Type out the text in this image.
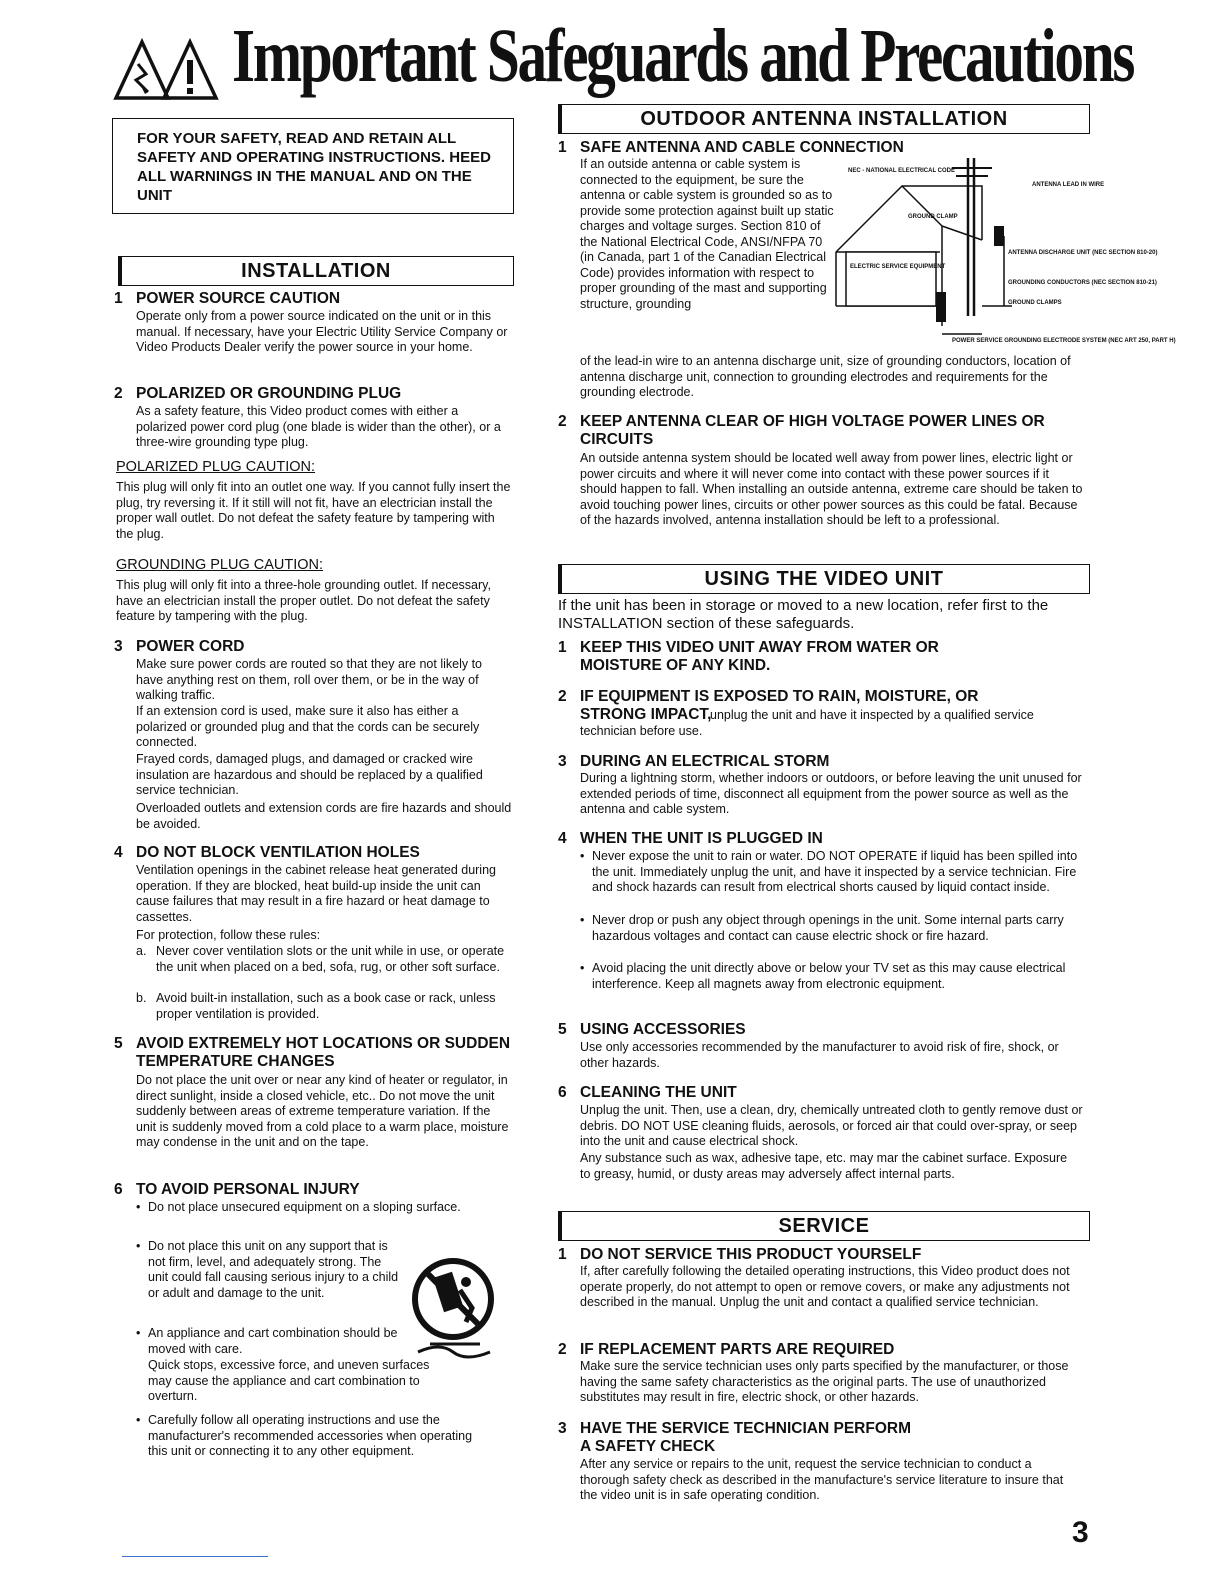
Important Safeguards and Precautions
FOR YOUR SAFETY, READ AND RETAIN ALL SAFETY AND OPERATING INSTRUCTIONS. HEED ALL WARNINGS IN THE MANUAL AND ON THE UNIT
INSTALLATION
1 POWER SOURCE CAUTION
Operate only from a power source indicated on the unit or in this manual. If necessary, have your Electric Utility Service Company or Video Products Dealer verify the power source in your home.
2 POLARIZED OR GROUNDING PLUG
As a safety feature, this Video product comes with either a polarized power cord plug (one blade is wider than the other), or a three-wire grounding type plug.
POLARIZED PLUG CAUTION:
This plug will only fit into an outlet one way. If you cannot fully insert the plug, try reversing it. If it still will not fit, have an electrician install the proper wall outlet. Do not defeat the safety feature by tampering with the plug.
GROUNDING PLUG CAUTION:
This plug will only fit into a three-hole grounding outlet. If necessary, have an electrician install the proper outlet. Do not defeat the safety feature by tampering with the plug.
3 POWER CORD
Make sure power cords are routed so that they are not likely to have anything rest on them, roll over them, or be in the way of walking traffic.
If an extension cord is used, make sure it also has either a polarized or grounded plug and that the cords can be securely connected.
Frayed cords, damaged plugs, and damaged or cracked wire insulation are hazardous and should be replaced by a qualified service technician.
Overloaded outlets and extension cords are fire hazards and should be avoided.
4 DO NOT BLOCK VENTILATION HOLES
Ventilation openings in the cabinet release heat generated during operation. If they are blocked, heat build-up inside the unit can cause failures that may result in a fire hazard or heat damage to cassettes.
For protection, follow these rules:
a. Never cover ventilation slots or the unit while in use, or operate the unit when placed on a bed, sofa, rug, or other soft surface.
b. Avoid built-in installation, such as a book case or rack, unless proper ventilation is provided.
5 AVOID EXTREMELY HOT LOCATIONS OR SUDDEN TEMPERATURE CHANGES
Do not place the unit over or near any kind of heater or regulator, in direct sunlight, inside a closed vehicle, etc.. Do not move the unit suddenly between areas of extreme temperature variation. If the unit is suddenly moved from a cold place to a warm place, moisture may condense in the unit and on the tape.
6 TO AVOID PERSONAL INJURY
• Do not place unsecured equipment on a sloping surface.
• Do not place this unit on any support that is not firm, level, and adequately strong. The unit could fall causing serious injury to a child or adult and damage to the unit.
• An appliance and cart combination should be moved with care.
Quick stops, excessive force, and uneven surfaces may cause the appliance and cart combination to overturn.
• Carefully follow all operating instructions and use the manufacturer's recommended accessories when operating this unit or connecting it to any other equipment.
OUTDOOR ANTENNA INSTALLATION
1 SAFE ANTENNA AND CABLE CONNECTION
If an outside antenna or cable system is connected to the equipment, be sure the antenna or cable system is grounded so as to provide some protection against built up static charges and voltage surges. Section 810 of the National Electrical Code, ANSI/NFPA 70 (in Canada, part 1 of the Canadian Electrical Code) provides information with respect to proper grounding of the mast and supporting structure, grounding
of the lead-in wire to an antenna discharge unit, size of grounding conductors, location of antenna discharge unit, connection to grounding electrodes and requirements for the grounding electrode.
NEC - NATIONAL ELECTRICAL CODE
ANTENNA LEAD IN WIRE
GROUND CLAMP
ANTENNA DISCHARGE UNIT (NEC SECTION 810-20)
ELECTRIC SERVICE EQUIPMENT
GROUNDING CONDUCTORS (NEC SECTION 810-21)
GROUND CLAMPS
POWER SERVICE GROUNDING ELECTRODE SYSTEM (NEC ART 250, PART H)
2 KEEP ANTENNA CLEAR OF HIGH VOLTAGE POWER LINES OR CIRCUITS
An outside antenna system should be located well away from power lines, electric light or power circuits and where it will never come into contact with these power sources if it should happen to fall. When installing an outside antenna, extreme care should be taken to avoid touching power lines, circuits or other power sources as this could be fatal. Because of the hazards involved, antenna installation should be left to a professional.
USING THE VIDEO UNIT
If the unit has been in storage or moved to a new location, refer first to the INSTALLATION section of these safeguards.
1 KEEP THIS VIDEO UNIT AWAY FROM WATER OR MOISTURE OF ANY KIND.
2 IF EQUIPMENT IS EXPOSED TO RAIN, MOISTURE, OR
STRONG IMPACT,
unplug the unit and have it inspected by a qualified service technician before use.
3 DURING AN ELECTRICAL STORM
During a lightning storm, whether indoors or outdoors, or before leaving the unit unused for extended periods of time, disconnect all equipment from the power source as well as the antenna and cable system.
4 WHEN THE UNIT IS PLUGGED IN
• Never expose the unit to rain or water. DO NOT OPERATE if liquid has been spilled into the unit. Immediately unplug the unit, and have it inspected by a service technician. Fire and shock hazards can result from electrical shorts caused by liquid contact inside.
• Never drop or push any object through openings in the unit. Some internal parts carry hazardous voltages and contact can cause electric shock or fire hazard.
• Avoid placing the unit directly above or below your TV set as this may cause electrical interference. Keep all magnets away from electronic equipment.
5 USING ACCESSORIES
Use only accessories recommended by the manufacturer to avoid risk of fire, shock, or other hazards.
6 CLEANING THE UNIT
Unplug the unit. Then, use a clean, dry, chemically untreated cloth to gently remove dust or debris. DO NOT USE cleaning fluids, aerosols, or forced air that could over-spray, or seep into the unit and cause electrical shock.
Any substance such as wax, adhesive tape, etc. may mar the cabinet surface. Exposure to greasy, humid, or dusty areas may adversely affect internal parts.
SERVICE
1 DO NOT SERVICE THIS PRODUCT YOURSELF
If, after carefully following the detailed operating instructions, this Video product does not operate properly, do not attempt to open or remove covers, or make any adjustments not described in the manual. Unplug the unit and contact a qualified service technician.
2 IF REPLACEMENT PARTS ARE REQUIRED
Make sure the service technician uses only parts specified by the manufacturer, or those having the same safety characteristics as the original parts. The use of unauthorized substitutes may result in fire, electric shock, or other hazards.
3 HAVE THE SERVICE TECHNICIAN PERFORM
A SAFETY CHECK
After any service or repairs to the unit, request the service technician to conduct a thorough safety check as described in the manufacture's service literature to insure that the video unit is in safe operating condition.
3
